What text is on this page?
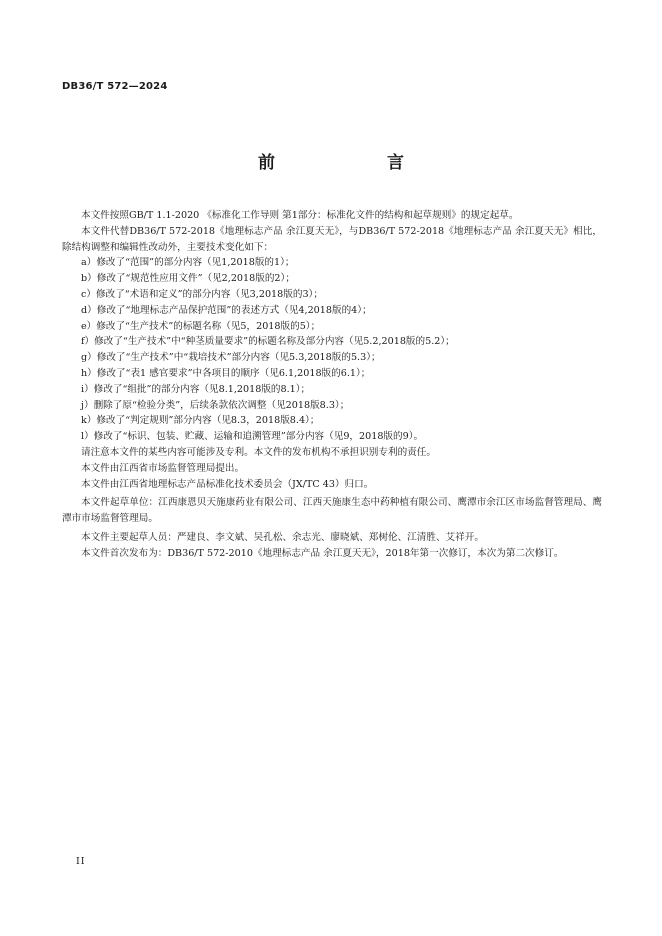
DB36/T 572—2024
前　　言

本文件按照GB/T 1.1-2020 《标准化工作导则 第1部分：标准化文件的结构和起草规则》的规定起草。

本文件代替DB36/T 572-2018《地理标志产品 余江夏天无》，与DB36/T 572-2018《地理标志产品 余江夏天无》相比，除结构调整和编辑性改动外，主要技术变化如下：

a）修改了“范围”的部分内容（见1,2018版的1）；

b）修改了“规范性应用文件”（见2,2018版的2）；

c）修改了“术语和定义”的部分内容（见3,2018版的3）；

d）修改了“地理标志产品保护范围”的表述方式（见4,2018版的4）；

e）修改了“生产技术”的标题名称（见5，2018版的5）；

f）修改了“生产技术”中“种茎质量要求”的标题名称及部分内容（见5.2,2018版的5.2）；

g）修改了“生产技术”中“栽培技术”部分内容（见5.3,2018版的5.3）；

h）修改了“表1 感官要求”中各项目的顺序（见6.1,2018版的6.1）；

i）修改了“组批”的部分内容（见8.1,2018版的8.1）；

j）删除了原“检验分类”，后续条款依次调整（见2018版8.3）；

k）修改了“判定规则”部分内容（见8.3，2018版8.4）；

l）修改了“标识、包装、贮藏、运输和追溯管理”部分内容（见9，2018版的9）。

请注意本文件的某些内容可能涉及专利。本文件的发布机构不承担识别专利的责任。

本文件由江西省市场监督管理局提出。

本文件由江西省地理标志产品标准化技术委员会（JX/TC 43）归口。

本文件起草单位：江西康恩贝天施康药业有限公司、江西天施康生态中药种植有限公司、鹰潭市余江区市场监督管理局、鹰潭市市场监督管理局。

本文件主要起草人员：严建良、李文斌、吴孔松、余志光、廖晓斌、郑树伦、江清胜、艾祥开。

本文件首次发布为：DB36/T 572-2010《地理标志产品 余江夏天无》，2018年第一次修订，本次为第二次修订。

II
